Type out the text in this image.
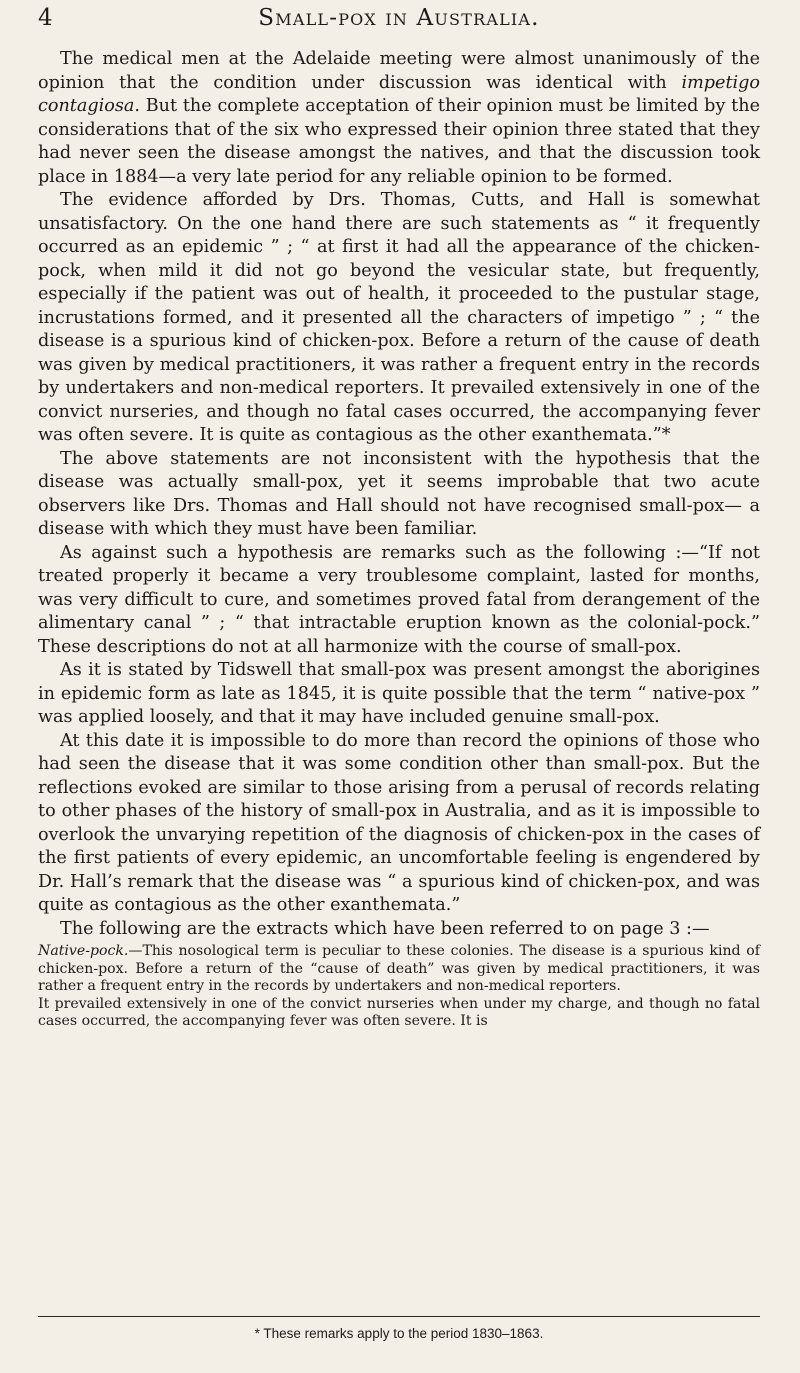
4	Small-pox in Australia.

The medical men at the Adelaide meeting were almost unanimously of the opinion that the condition under discussion was identical with impetigo contagiosa. But the complete acceptation of their opinion must be limited by the considerations that of the six who expressed their opinion three stated that they had never seen the disease amongst the natives, and that the discussion took place in 1884—a very late period for any reliable opinion to be formed.

The evidence afforded by Drs. Thomas, Cutts, and Hall is somewhat unsatisfactory. On the one hand there are such statements as “ it frequently occurred as an epidemic ” ; “ at first it had all the appearance of the chicken-pock, when mild it did not go beyond the vesicular state, but frequently, especially if the patient was out of health, it proceeded to the pustular stage, incrustations formed, and it presented all the characters of impetigo ” ; “ the disease is a spurious kind of chicken-pox. Before a return of the cause of death was given by medical practitioners, it was rather a frequent entry in the records by undertakers and non-medical reporters. It prevailed extensively in one of the convict nurseries, and though no fatal cases occurred, the accompanying fever was often severe. It is quite as contagious as the other exanthemata.”*

The above statements are not inconsistent with the hypothesis that the disease was actually small-pox, yet it seems improbable that two acute observers like Drs. Thomas and Hall should not have recognised small-pox— a disease with which they must have been familiar.

As against such a hypothesis are remarks such as the following :—“If not treated properly it became a very troublesome complaint, lasted for months, was very difficult to cure, and sometimes proved fatal from derangement of the alimentary canal ” ; “ that intractable eruption known as the colonial-pock.” These descriptions do not at all harmonize with the course of small-pox.

As it is stated by Tidswell that small-pox was present amongst the aborigines in epidemic form as late as 1845, it is quite possible that the term “ native-pox ” was applied loosely, and that it may have included genuine small-pox.

At this date it is impossible to do more than record the opinions of those who had seen the disease that it was some condition other than small-pox. But the reflections evoked are similar to those arising from a perusal of records relating to other phases of the history of small-pox in Australia, and as it is impossible to overlook the unvarying repetition of the diagnosis of chicken-pox in the cases of the first patients of every epidemic, an uncomfortable feeling is engendered by Dr. Hall’s remark that the disease was “ a spurious kind of chicken-pox, and was quite as contagious as the other exanthemata.”

The following are the extracts which have been referred to on page 3 :—

Native-pock.—This nosological term is peculiar to these colonies. The disease is a spurious kind of chicken-pox. Before a return of the “cause of death” was given by medical practitioners, it was rather a frequent entry in the records by undertakers and non-medical reporters.

It prevailed extensively in one of the convict nurseries when under my charge, and though no fatal cases occurred, the accompanying fever was often severe. It is

* These remarks apply to the period 1830–1863.
